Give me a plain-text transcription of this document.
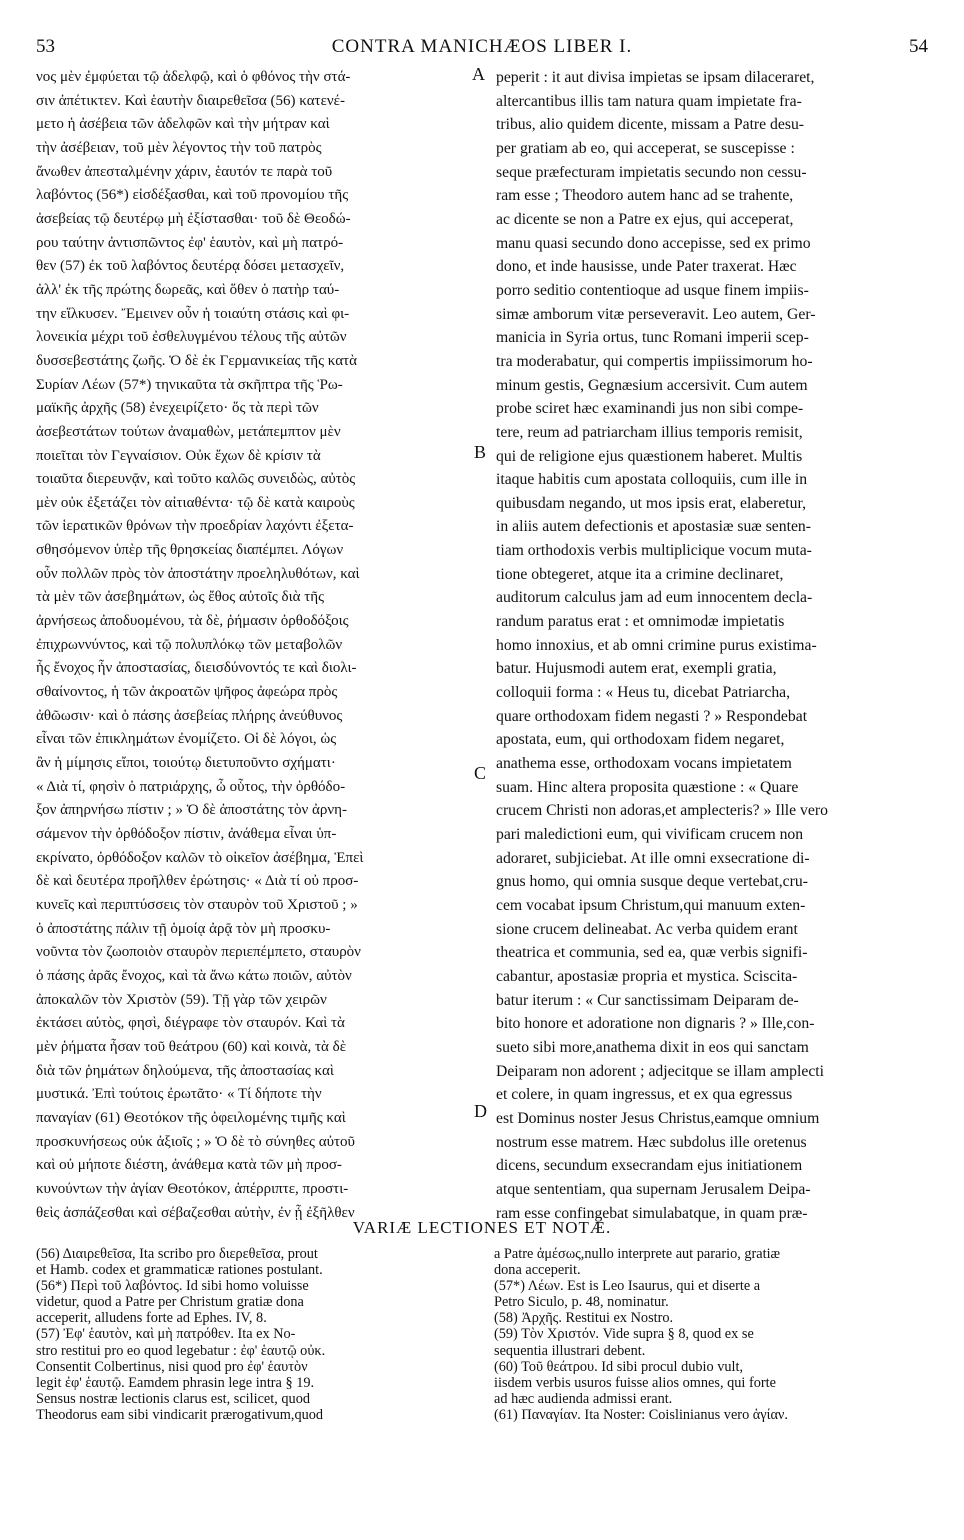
53	CONTRA MANICHÆOS LIBER I.	54
νος μὲν ἐμφύεται τῷ ἀδελφῷ, καὶ ὁ φθόνος τὴν στά-
σιν ἀπέτικτεν. Καὶ ἑαυτὴν διαιρεθεῖσα (56) κατενέ-
μετο ἡ ἀσέβεια τῶν ἀδελφῶν καὶ τὴν μήτραν καὶ
τὴν ἀσέβειαν, τοῦ μὲν λέγοντος τὴν τοῦ πατρὸς
ἄνωθεν ἀπεσταλμένην χάριν, ἑαυτόν τε παρὰ τοῦ
λαβόντος (56*) εἰσδέξασθαι, καὶ τοῦ προνομίου τῆς
ἀσεβείας τῷ δευτέρῳ μὴ ἐξίστασθαι· τοῦ δὲ Θεοδώ-
ρου ταύτην ἀντισπῶντος ἐφ' ἑαυτὸν, καὶ μὴ πατρό-
θεν (57) ἐκ τοῦ λαβόντος δευτέρᾳ δόσει μετασχεῖν,
ἀλλ' ἐκ τῆς πρώτης δωρεᾶς, καὶ ὅθεν ὁ πατὴρ ταύ-
την εἵλκυσεν. Ἔμεινεν οὖν ἡ τοιαύτη στάσις καὶ φι-
λονεικία μέχρι τοῦ ἐσθελυγμένου τέλους τῆς αὐτῶν
δυσσεβεστάτης ζωῆς. Ὁ δὲ ἐκ Γερμανικείας τῆς κατὰ
Συρίαν Λέων (57*) τηνικαῦτα τὰ σκῆπτρα τῆς Ῥω-
μαϊκῆς ἀρχῆς (58) ἐνεχειρίζετο· ὅς τὰ περὶ τῶν
ἀσεβεστάτων τούτων ἀναμαθὼν, μετάπεμπτον μὲν
ποιεῖται τὸν Γεγναίσιον. Οὐκ ἔχων δὲ κρίσιν τὰ
τοιαῦτα διερευνᾷν, καὶ τοῦτο καλῶς συνειδὼς, αὐτὸς
μὲν οὐκ ἐξετάζει τὸν αἰτιαθέντα· τῷ δὲ κατὰ καιροὺς
τῶν ἱερατικῶν θρόνων τὴν προεδρίαν λαχόντι ἐξετα-
σθησόμενον ὑπὲρ τῆς θρησκείας διαπέμπει. Λόγων
οὖν πολλῶν πρὸς τὸν ἀποστάτην προεληλυθότων, καὶ
τὰ μὲν τῶν ἀσεβημάτων, ὡς ἔθος αὐτοῖς διὰ τῆς
ἀρνήσεως ἀποδυομένου, τὰ δὲ, ῥήμασιν ὀρθοδόξοις
ἐπιχρωννύντος, καὶ τῷ πολυπλόκῳ τῶν μεταβολῶν
ἧς ἔνοχος ἦν ἀποστασίας, διεισδύνοντός τε καὶ διολι-
σθαίνοντος, ἡ τῶν ἀκροατῶν ψῆφος ἀφεώρα πρὸς
ἀθῶωσιν· καὶ ὁ πάσης ἀσεβείας πλήρης ἀνεύθυνος
εἶναι τῶν ἐπικλημάτων ἐνομίζετο. Οἱ δὲ λόγοι, ὡς
ἂν ἡ μίμησις εἴποι, τοιούτῳ διετυποῦντο σχήματι·
« Διὰ τί, φησὶν ὁ πατριάρχης, ὦ οὗτος, τὴν ὀρθόδο-
ξον ἀπηρνήσω πίστιν ; » Ὁ δὲ ἀποστάτης τὸν ἀρνη-
σάμενον τὴν ὀρθόδοξον πίστιν, ἀνάθεμα εἶναι ὑπ-
εκρίνατο, ὀρθόδοξον καλῶν τὸ οἰκεῖον ἀσέβημα, Ἐπεὶ
δὲ καὶ δευτέρα προῆλθεν ἐρώτησις· « Διὰ τί οὐ προσ-
κυνεῖς καὶ περιπτύσσεις τὸν σταυρὸν τοῦ Χριστοῦ ; »
ὁ ἀποστάτης πάλιν τῇ ὁμοίᾳ ἀρᾷ τὸν μὴ προσκυ-
νοῦντα τὸν ζωοποιὸν σταυρὸν περιεπέμπετο, σταυρὸν
ὁ πάσης ἀρᾶς ἔνοχος, καὶ τὰ ἄνω κάτω ποιῶν, αὐτὸν
ἀποκαλῶν τὸν Χριστὸν (59). Τῇ γὰρ τῶν χειρῶν
ἐκτάσει αὐτὸς, φησὶ, διέγραφε τὸν σταυρόν. Καὶ τὰ
μὲν ῥήματα ἦσαν τοῦ θεάτρου (60) καὶ κοινὰ, τὰ δὲ
διὰ τῶν ῥημάτων δηλούμενα, τῆς ἀποστασίας καὶ
μυστικά. Ἐπὶ τούτοις ἐρωτᾶτο· « Τί δήποτε τὴν
παναγίαν (61) Θεοτόκον τῆς ὀφειλομένης τιμῆς καὶ
προσκυνήσεως οὐκ ἀξιοῖς ; » Ὁ δὲ τὸ σύνηθες αὐτοῦ
καὶ οὐ μήποτε διέστη, ἀνάθεμα κατὰ τῶν μὴ προσ-
κυνούντων τὴν ἁγίαν Θεοτόκον, ἀπέρριπτε, προστι-
θεὶς ἀσπάζεσθαι καὶ σέβαζεσθαι αὐτὴν, ἐν ᾗ ἐξῆλθεν
peperit : it aut divisa impietas se ipsam dilaceraret,
altercantibus illis tam natura quam impietate fra-
tribus, alio quidem dicente, missam a Patre desu-
per gratiam ab eo, qui acceperat, se suscepisse :
seque præfecturam impietatis secundo non cessu-
ram esse ; Theodoro autem hanc ad se trahente,
ac dicente se non a Patre ex ejus, qui acceperat,
manu quasi secundo dono accepisse, sed ex primo
dono, et inde hausisse, unde Pater traxerat. Hæc
porro seditio contentioque ad usque finem impiis-
simæ amborum vitæ perseveravit. Leo autem, Ger-
manicia in Syria ortus, tunc Romani imperii scep-
tra moderabatur, qui compertis impiissimorum ho-
minum gestis, Gegnæsium accersivit. Cum autem
probe sciret hæc examinandi jus non sibi compe-
tere, reum ad patriarcham illius temporis remisit,
qui de religione ejus quæstionem haberet. Multis
itaque habitis cum apostata colloquiis, cum ille in
quibusdam negando, ut mos ipsis erat, elaberetur,
in aliis autem defectionis et apostasiæ suæ senten-
tiam orthodoxis verbis multiplicique vocum muta-
tione obtegeret, atque ita a crimine declinaret,
auditorum calculus jam ad eum innocentem decla-
randum paratus erat : et omnimodæ impietatis
homo innoxius, et ab omni crimine purus existima-
batur. Hujusmodi autem erat, exempli gratia,
colloquii forma : « Heus tu, dicebat Patriarcha,
quare orthodoxam fidem negasti ? » Respondebat
apostata, eum, qui orthodoxam fidem negaret,
anathema esse, orthodoxam vocans impietatem
suam. Hinc altera proposita quæstione : « Quare
crucem Christi non adoras,et amplecteris? » Ille vero
pari maledictioni eum, qui vivificam crucem non
adoraret, subjiciebat. At ille omni exsecratione di-
gnus homo, qui omnia susque deque vertebat,cru-
cem vocabat ipsum Christum,qui manuum exten-
sione crucem delineabat. Ac verba quidem erant
theatrica et communia, sed ea, quæ verbis signifi-
cabantur, apostasiæ propria et mystica. Sciscita-
batur iterum : « Cur sanctissimam Deiparam de-
bito honore et adoratione non dignaris ? » Ille,con-
sueto sibi more,anathema dixit in eos qui sanctam
Deiparam non adorent ; adjecitque se illam amplecti
et colere, in quam ingressus, et ex qua egressus
est Dominus noster Jesus Christus,eamque omnium
nostrum esse matrem. Hæc subdolus ille oretenus
dicens, secundum exsecrandam ejus initiationem
atque sententiam, qua supernam Jerusalem Deipa-
ram esse confingebat simulabatque, in quam præ-
A
B
C
D
VARIÆ LECTIONES ET NOTÆ.
(56) Διαιρεθεῖσα, Ita scribo pro διερεθεῖσα, prout
et Hamb. codex et grammaticæ rationes postulant.
(56*) Περὶ τοῦ λαβόντος. Id sibi homo voluisse
videtur, quod a Patre per Christum gratiæ dona
acceperit, alludens forte ad Ephes. IV, 8.
(57) Ἐφ' ἑαυτὸν, καὶ μὴ πατρόθεν. Ita ex No-
stro restitui pro eo quod legebatur : ἐφ' ἑαυτῷ οὐκ.
Consentit Colbertinus, nisi quod pro ἐφ' ἑαυτὸν
legit ἐφ' ἑαυτῷ. Eamdem phrasin lege intra § 19.
Sensus nostræ lectionis clarus est, scilicet, quod
Theodorus eam sibi vindicarit prærogativum,quod
a Patre ἀμέσως,nullo interprete aut parario, gratiæ
dona acceperit.
(57*) Λέων. Est is Leo Isaurus, qui et diserte a
Petro Siculo, p. 48, nominatur.
(58) Ἀρχῆς. Restitui ex Nostro.
(59) Τὸν Χριστόν. Vide supra § 8, quod ex se
sequentia illustrari debent.
(60) Τοῦ θεάτρου. Id sibi procul dubio vult,
iisdem verbis usuros fuisse alios omnes, qui forte
ad hæc audienda admissi erant.
(61) Παναγίαν. Ita Noster: Coislinianus vero ἁγίαν.
